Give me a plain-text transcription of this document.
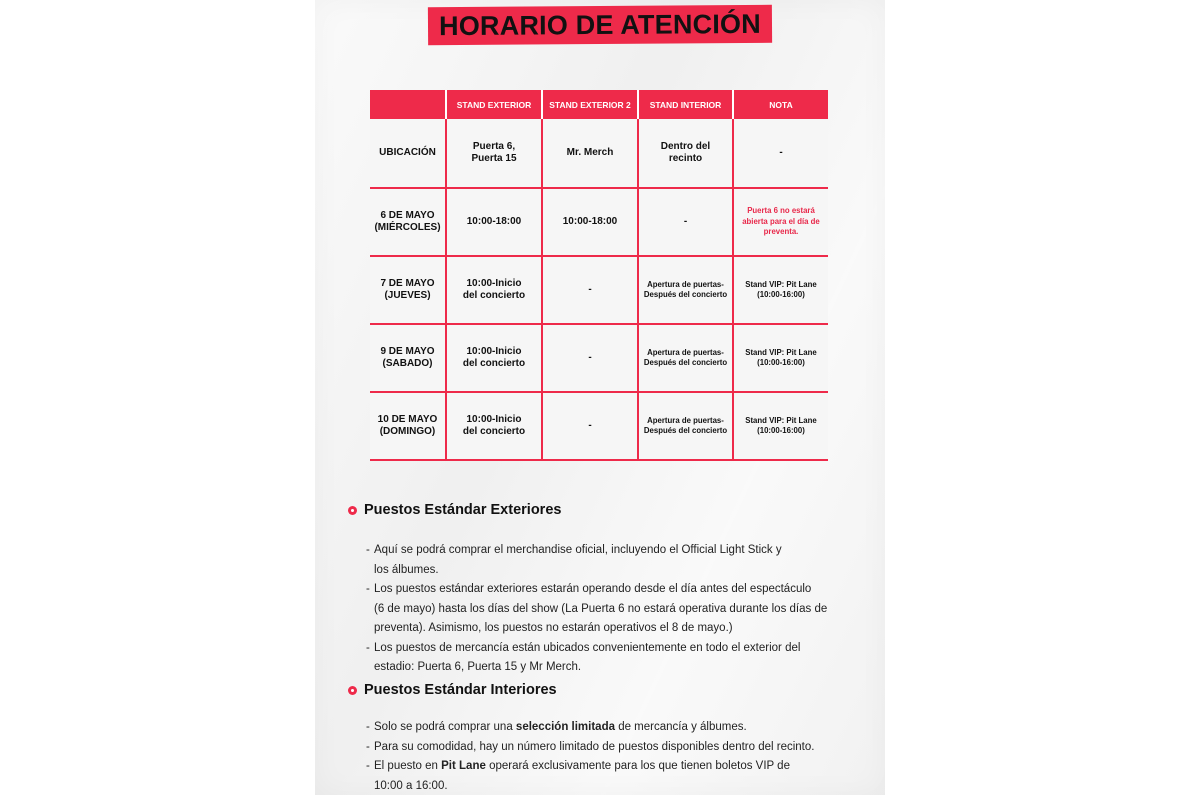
HORARIO DE ATENCIÓN
	STAND EXTERIOR	STAND EXTERIOR 2	STAND INTERIOR	NOTA
UBICACIÓN	Puerta 6,
Puerta 15	Mr. Merch	Dentro del
recinto	-
6 DE MAYO
(MIÉRCOLES)	10:00-18:00	10:00-18:00	-	Puerta 6 no estará
abierta para el día de
preventa.
7 DE MAYO
(JUEVES)	10:00-Inicio
del concierto	-	Apertura de puertas-
Después del concierto	Stand VIP: Pit Lane
(10:00-16:00)
9 DE MAYO
(SABADO)	10:00-Inicio
del concierto	-	Apertura de puertas-
Después del concierto	Stand VIP: Pit Lane
(10:00-16:00)
10 DE MAYO
(DOMINGO)	10:00-Inicio
del concierto	-	Apertura de puertas-
Después del concierto	Stand VIP: Pit Lane
(10:00-16:00)
Puestos Estándar Exteriores
- Aquí se podrá comprar el merchandise oficial, incluyendo el Official Light Stick y
los álbumes.
- Los puestos estándar exteriores estarán operando desde el día antes del espectáculo
(6 de mayo) hasta los días del show (La Puerta 6 no estará operativa durante los días de
preventa). Asimismo, los puestos no estarán operativos el 8 de mayo.)
- Los puestos de mercancía están ubicados convenientemente en todo el exterior del
estadio: Puerta 6, Puerta 15 y Mr Merch.
Puestos Estándar Interiores
- Solo se podrá comprar una selección limitada de mercancía y álbumes.
- Para su comodidad, hay un número limitado de puestos disponibles dentro del recinto.
- El puesto en Pit Lane operará exclusivamente para los que tienen boletos VIP de
10:00 a 16:00.
